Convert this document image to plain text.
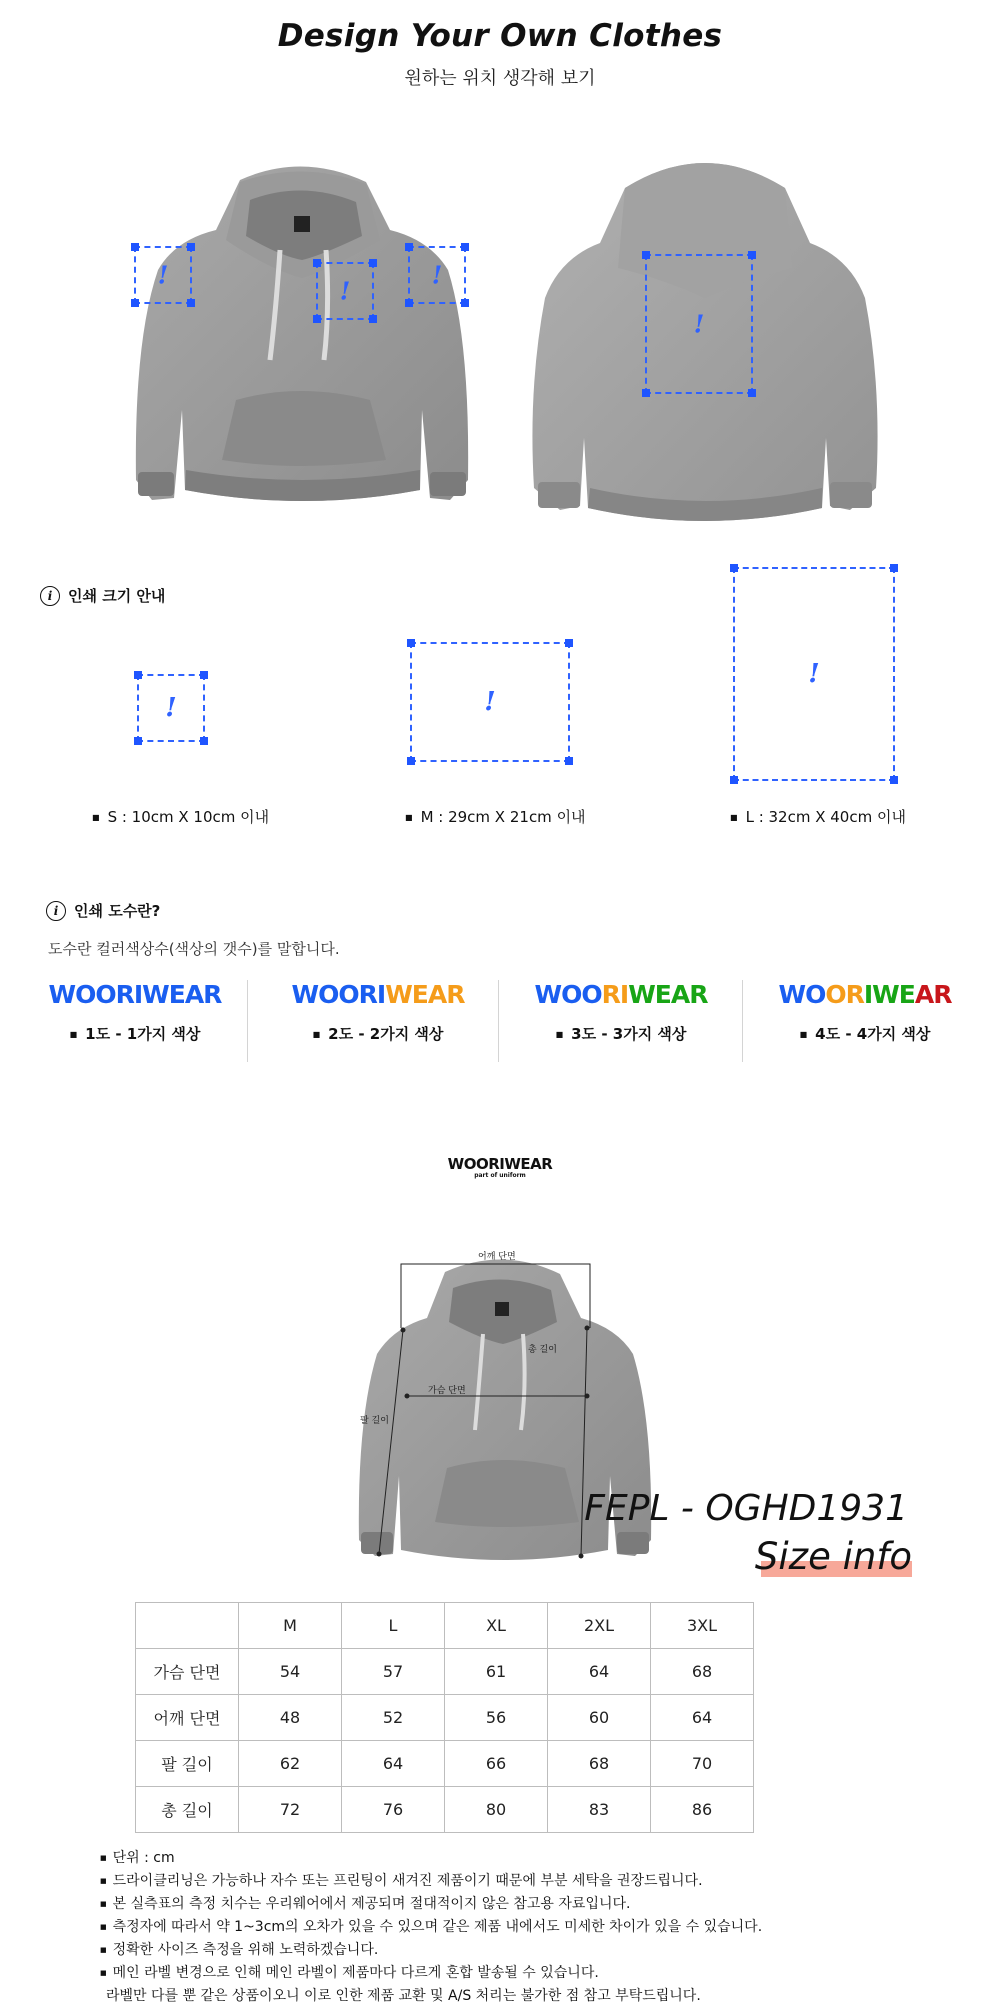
Design Your Own Clothes
원하는 위치 생각해 보기
!
!
!
!
i	인쇄 크기 안내
!	!
!
■ S : 10cm X 10cm 이내	■ M : 29cm X 21cm 이내	■ L : 32cm X 40cm 이내
i	인쇄 도수란?
도수란 컬러색상수(색상의 갯수)를 말합니다.
WOORIWEAR
■ 1도 - 1가지 색상
WOORIWEAR
■ 2도 - 2가지 색상
WOORIWEAR
■ 3도 - 3가지 색상
WOORIWEAR
■ 4도 - 4가지 색상
WOORIWEAR
part of uniform
어깨 단면
가슴 단면
총 길이
팔 길이
FEPL - OGHD1931
Size info
	M	L	XL	2XL	3XL
가슴 단면	54	57	61	64	68
어깨 단면	48	52	56	60	64
팔 길이	62	64	66	68	70
총 길이	72	76	80	83	86
■ 단위 : cm
■ 드라이클리닝은 가능하나 자수 또는 프린팅이 새겨진 제품이기 때문에 부분 세탁을 권장드립니다.
■ 본 실측표의 측정 치수는 우리웨어에서 제공되며 절대적이지 않은 참고용 자료입니다.
■ 측정자에 따라서 약 1~3cm의 오차가 있을 수 있으며 같은 제품 내에서도 미세한 차이가 있을 수 있습니다.
■ 정확한 사이즈 측정을 위해 노력하겠습니다.
■ 메인 라벨 변경으로 인해 메인 라벨이 제품마다 다르게 혼합 발송될 수 있습니다.
라벨만 다를 뿐 같은 상품이오니 이로 인한 제품 교환 및 A/S 처리는 불가한 점 참고 부탁드립니다.
